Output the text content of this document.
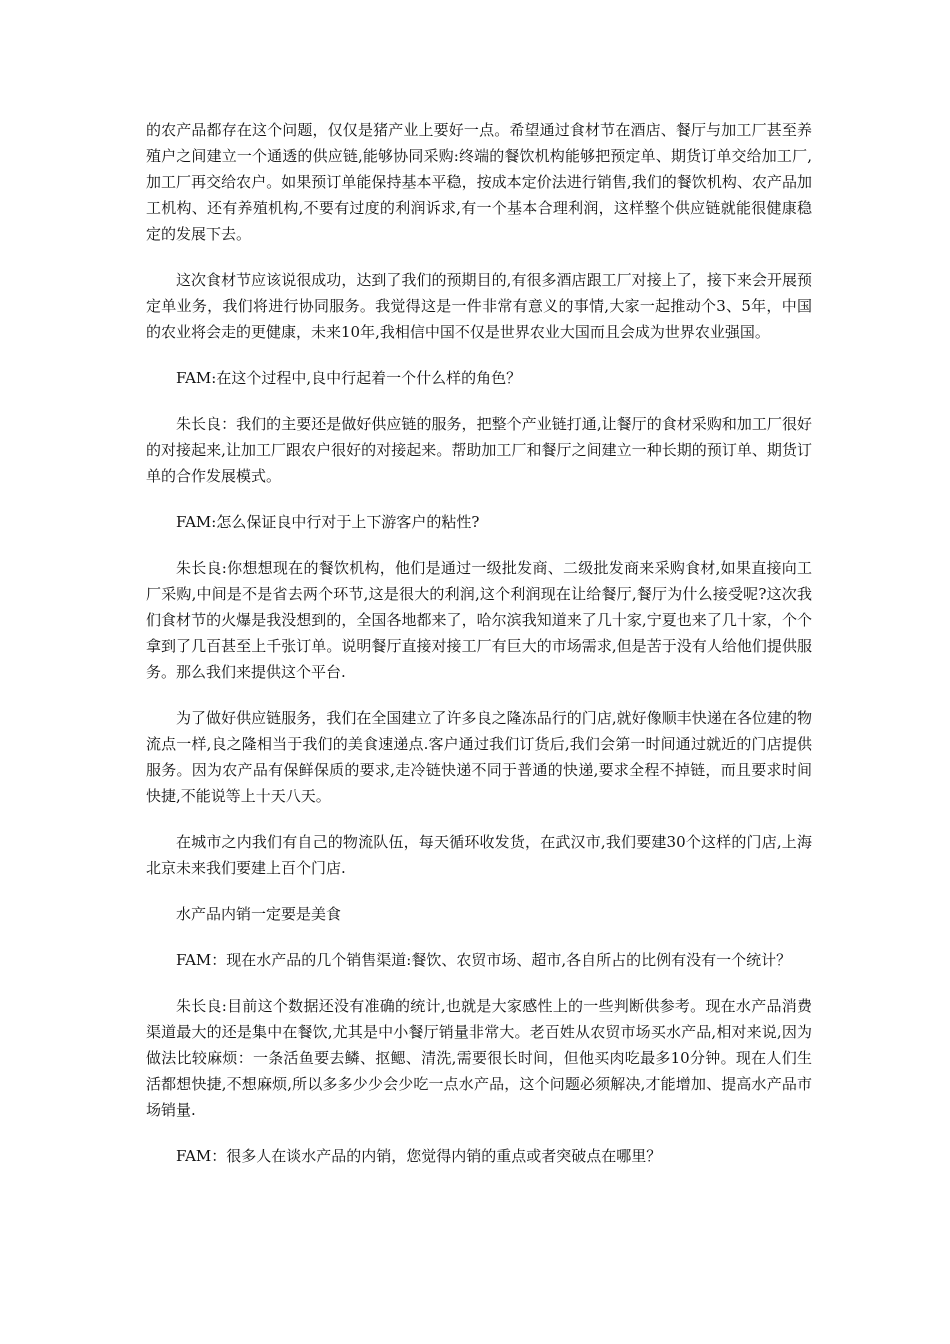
的农产品都存在这个问题，仅仅是猪产业上要好一点。希望通过食材节在酒店、餐厅与加工厂甚至养殖户之间建立一个通透的供应链,能够协同采购:终端的餐饮机构能够把预定单、期货订单交给加工厂,加工厂再交给农户。如果预订单能保持基本平稳，按成本定价法进行销售,我们的餐饮机构、农产品加工机构、还有养殖机构,不要有过度的利润诉求,有一个基本合理利润，这样整个供应链就能很健康稳定的发展下去。

这次食材节应该说很成功，达到了我们的预期目的,有很多酒店跟工厂对接上了，接下来会开展预定单业务，我们将进行协同服务。我觉得这是一件非常有意义的事情,大家一起推动个3、5年，中国的农业将会走的更健康，未来10年,我相信中国不仅是世界农业大国而且会成为世界农业强国。

FAM:在这个过程中,良中行起着一个什么样的角色？

朱长良：我们的主要还是做好供应链的服务，把整个产业链打通,让餐厅的食材采购和加工厂很好的对接起来,让加工厂跟农户很好的对接起来。帮助加工厂和餐厅之间建立一种长期的预订单、期货订单的合作发展模式。

FAM:怎么保证良中行对于上下游客户的粘性?

朱长良:你想想现在的餐饮机构，他们是通过一级批发商、二级批发商来采购食材,如果直接向工厂采购,中间是不是省去两个环节,这是很大的利润,这个利润现在让给餐厅,餐厅为什么接受呢?这次我们食材节的火爆是我没想到的，全国各地都来了，哈尔滨我知道来了几十家,宁夏也来了几十家，个个拿到了几百甚至上千张订单。说明餐厅直接对接工厂有巨大的市场需求,但是苦于没有人给他们提供服务。那么我们来提供这个平台.

为了做好供应链服务，我们在全国建立了许多良之隆冻品行的门店,就好像顺丰快递在各位建的物流点一样,良之隆相当于我们的美食速递点.客户通过我们订货后,我们会第一时间通过就近的门店提供服务。因为农产品有保鲜保质的要求,走冷链快递不同于普通的快递,要求全程不掉链，而且要求时间快捷,不能说等上十天八天。

在城市之内我们有自己的物流队伍，每天循环收发货，在武汉市,我们要建30个这样的门店,上海北京未来我们要建上百个门店.

水产品内销一定要是美食

FAM：现在水产品的几个销售渠道:餐饮、农贸市场、超市,各自所占的比例有没有一个统计？

朱长良:目前这个数据还没有准确的统计,也就是大家感性上的一些判断供参考。现在水产品消费渠道最大的还是集中在餐饮,尤其是中小餐厅销量非常大。老百姓从农贸市场买水产品,相对来说,因为做法比较麻烦：一条活鱼要去鳞、抠鳃、清洗,需要很长时间，但他买肉吃最多10分钟。现在人们生活都想快捷,不想麻烦,所以多多少少会少吃一点水产品，这个问题必须解决,才能增加、提高水产品市场销量.

FAM：很多人在谈水产品的内销，您觉得内销的重点或者突破点在哪里？
